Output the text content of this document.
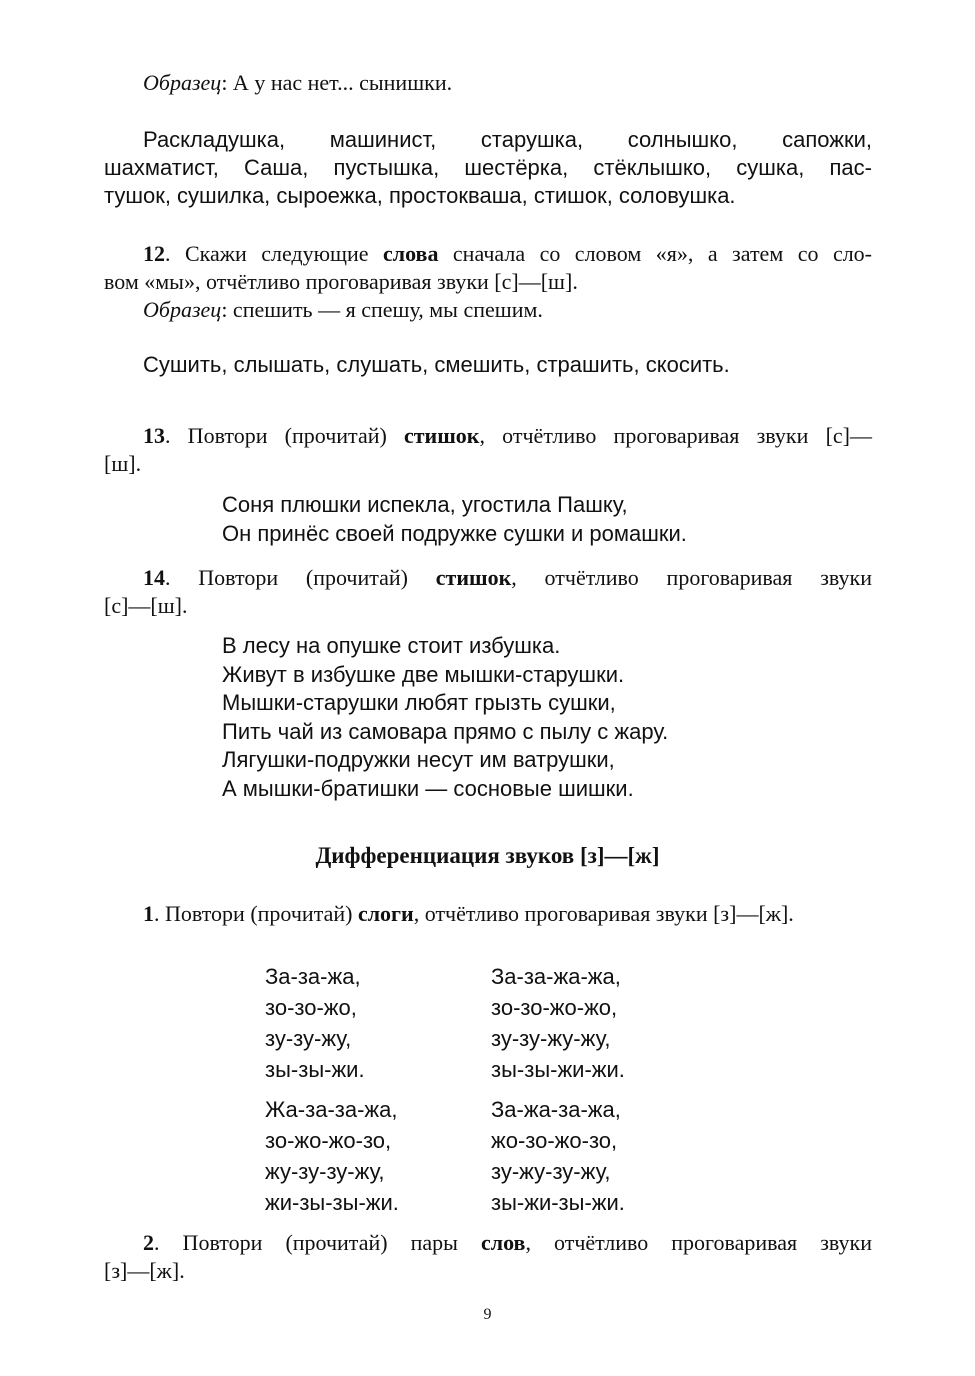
Образец: А у нас нет... сынишки.
Раскладушка, машинист, старушка, солнышко, сапожки,
шахматист, Саша, пустышка, шестёрка, стёклышко, сушка, пас-
тушок, сушилка, сыроежка, простокваша, стишок, соловушка.
12. Скажи следующие слова сначала со словом «я», а затем со сло-
вом «мы», отчётливо проговаривая звуки [с]—[ш].
Образец: спешить — я спешу, мы спешим.
Сушить, слышать, слушать, смешить, страшить, скосить.
13. Повтори (прочитай) стишок, отчётливо проговаривая звуки [с]—
[ш].
Соня плюшки испекла, угостила Пашку,
Он принёс своей подружке сушки и ромашки.
14. Повтори (прочитай) стишок, отчётливо проговаривая звуки
[с]—[ш].
В лесу на опушке стоит избушка.
Живут в избушке две мышки-старушки.
Мышки-старушки любят грызть сушки,
Пить чай из самовара прямо с пылу с жару.
Лягушки-подружки несут им ватрушки,
А мышки-братишки — сосновые шишки.
Дифференциация звуков [з]—[ж]
1. Повтори (прочитай) слоги, отчётливо проговаривая звуки [з]—[ж].
За-за-жа,
зо-зо-жо,
зу-зу-жу,
зы-зы-жи.
За-за-жа-жа,
зо-зо-жо-жо,
зу-зу-жу-жу,
зы-зы-жи-жи.
Жа-за-за-жа,
зо-жо-жо-зо,
жу-зу-зу-жу,
жи-зы-зы-жи.
За-жа-за-жа,
жо-зо-жо-зо,
зу-жу-зу-жу,
зы-жи-зы-жи.
2. Повтори (прочитай) пары слов, отчётливо проговаривая звуки
[з]—[ж].
9
